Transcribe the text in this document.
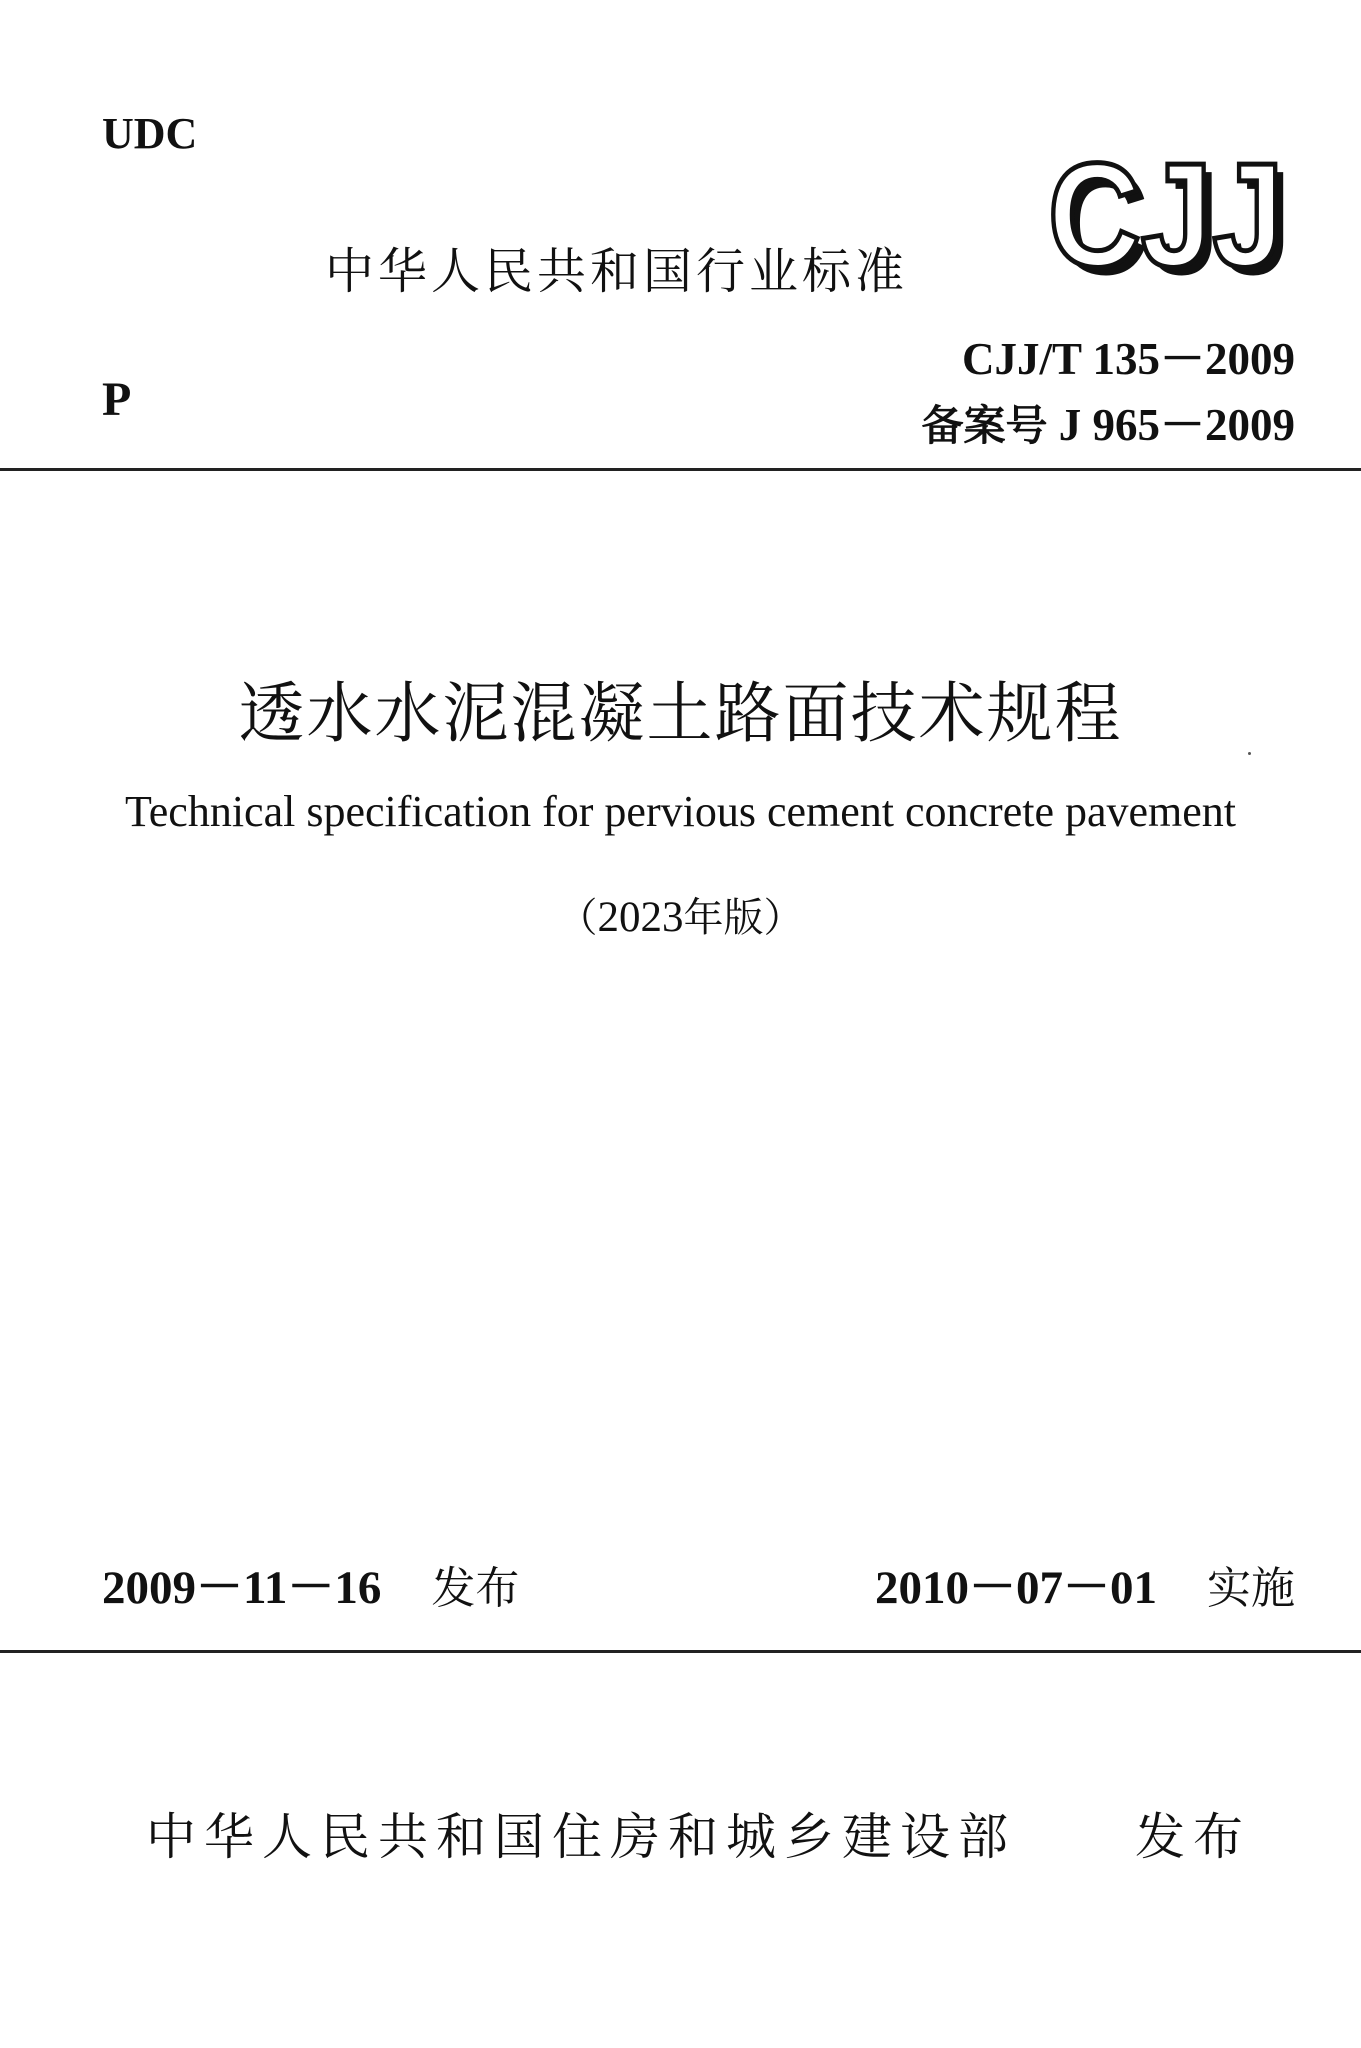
UDC
中华人民共和国行业标准 CJJ
CJJ
CJJ/T 135－2009
P	备案号 J 965－2009
透水水泥混凝土路面技术规程
Technical specification for pervious cement concrete pavement
（2023年版）
2009－11－16 发布	2010－07－01 实施
中华人民共和国住房和城乡建设部 发布
